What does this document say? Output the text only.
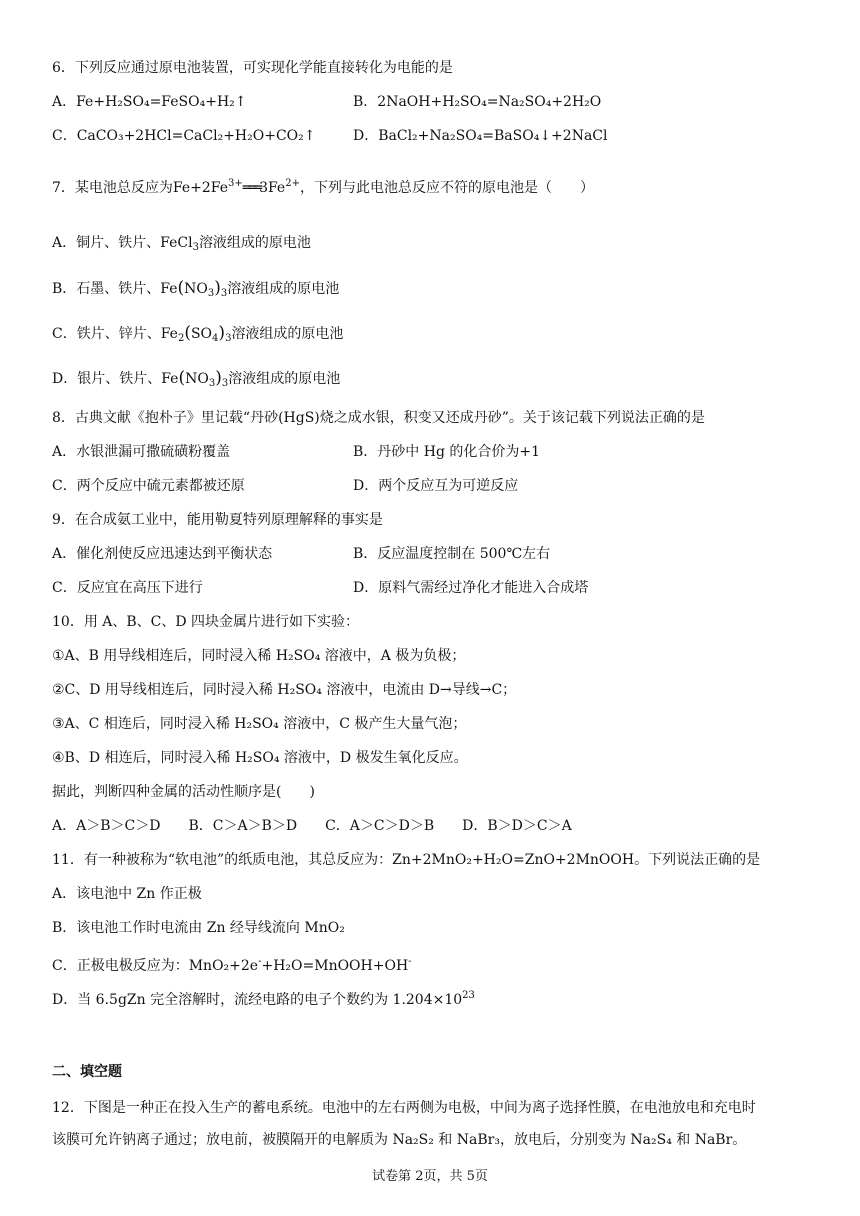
6．下列反应通过原电池装置，可实现化学能直接转化为电能的是
A．Fe+H₂SO₄=FeSO₄+H₂↑	B．2NaOH+H₂SO₄=Na₂SO₄+2H₂O
C．CaCO₃+2HCl=CaCl₂+H₂O+CO₂↑	D．BaCl₂+Na₂SO₄=BaSO₄↓+2NaCl
7．某电池总反应为$Fe+2Fe^{3+}═══3Fe^{2+}$，下列与此电池总反应不符的原电池是（　　）
A．铜片、铁片、FeCl$_3$溶液组成的原电池
B．石墨、铁片、$Fe(NO_3)_3$溶液组成的原电池
C．铁片、锌片、$Fe_2(SO_4)_3$溶液组成的原电池
D．银片、铁片、$Fe(NO_3)_3$溶液组成的原电池
8．古典文献《抱朴子》里记载“丹砂(HgS)烧之成水银，积变又还成丹砂”。关于该记载下列说法正确的是
A．水银泄漏可撒硫磺粉覆盖	B．丹砂中 Hg 的化合价为+1
C．两个反应中硫元素都被还原	D．两个反应互为可逆反应
9．在合成氨工业中，能用勒夏特列原理解释的事实是
A．催化剂使反应迅速达到平衡状态	B．反应温度控制在 500℃左右
C．反应宜在高压下进行	D．原料气需经过净化才能进入合成塔
10．用 A、B、C、D 四块金属片进行如下实验：
①A、B 用导线相连后，同时浸入稀 H₂SO₄ 溶液中，A 极为负极；
②C、D 用导线相连后，同时浸入稀 H₂SO₄ 溶液中，电流由 D→导线→C；
③A、C 相连后，同时浸入稀 H₂SO₄ 溶液中，C 极产生大量气泡；
④B、D 相连后，同时浸入稀 H₂SO₄ 溶液中，D 极发生氧化反应。
据此，判断四种金属的活动性顺序是(　　)
A．A＞B＞C＞D　　B．C＞A＞B＞D　　C．A＞C＞D＞B　　D．B＞D＞C＞A
11．有一种被称为“软电池”的纸质电池，其总反应为：Zn+2MnO₂+H₂O=ZnO+2MnOOH。下列说法正确的是
A．该电池中 Zn 作正极
B．该电池工作时电流由 Zn 经导线流向 MnO₂
C．正极电极反应为：MnO₂+2e-+H₂O=MnOOH+OH-
D．当 6.5gZn 完全溶解时，流经电路的电子个数约为 $1.204\times 10^{23}$
二、填空题
12．下图是一种正在投入生产的蓄电系统。电池中的左右两侧为电极，中间为离子选择性膜，在电池放电和充电时
该膜可允许钠离子通过；放电前，被膜隔开的电解质为 Na₂S₂ 和 NaBr₃，放电后，分别变为 Na₂S₄ 和 NaBr。
试卷第 2页，共 5页
